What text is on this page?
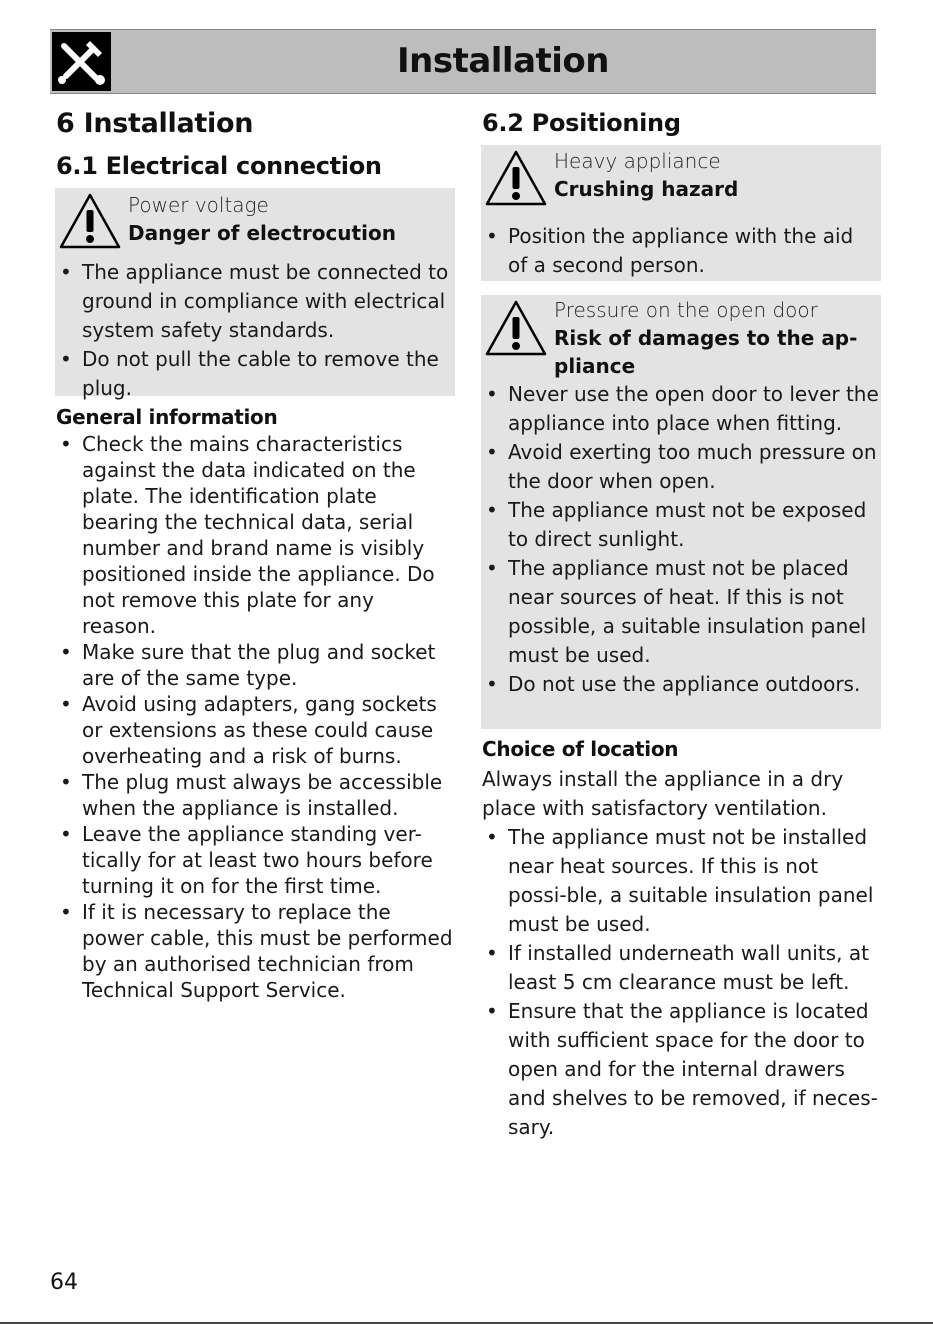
Installation
6 Installation
6.1 Electrical connection
Power voltage
Danger of electrocution
• The appliance must be connected to ground in compliance with electrical system safety standards.
• Do not pull the cable to remove the plug.
General information
• Check the mains characteristics against the data indicated on the plate. The identification plate bearing the technical data, serial number and brand name is visibly positioned inside the appliance. Do not remove this plate for any reason.
• Make sure that the plug and socket are of the same type.
• Avoid using adapters, gang sockets or extensions as these could cause overheating and a risk of burns.
• The plug must always be accessible when the appliance is installed.
• Leave the appliance standing ver-tically for at least two hours before turning it on for the first time.
• If it is necessary to replace the power cable, this must be performed by an authorised technician from Technical Support Service.
6.2 Positioning
Heavy appliance
Crushing hazard
• Position the appliance with the aid of a second person.
Pressure on the open door
Risk of damages to the ap-pliance
• Never use the open door to lever the appliance into place when fitting.
• Avoid exerting too much pressure on the door when open.
• The appliance must not be exposed to direct sunlight.
• The appliance must not be placed near sources of heat. If this is not possible, a suitable insulation panel must be used.
• Do not use the appliance outdoors.
Choice of location
Always install the appliance in a dry place with satisfactory ventilation.
• The appliance must not be installed near heat sources. If this is not possi-ble, a suitable insulation panel must be used.
• If installed underneath wall units, at least 5 cm clearance must be left.
• Ensure that the appliance is located with sufficient space for the door to open and for the internal drawers and shelves to be removed, if neces-sary.
64
